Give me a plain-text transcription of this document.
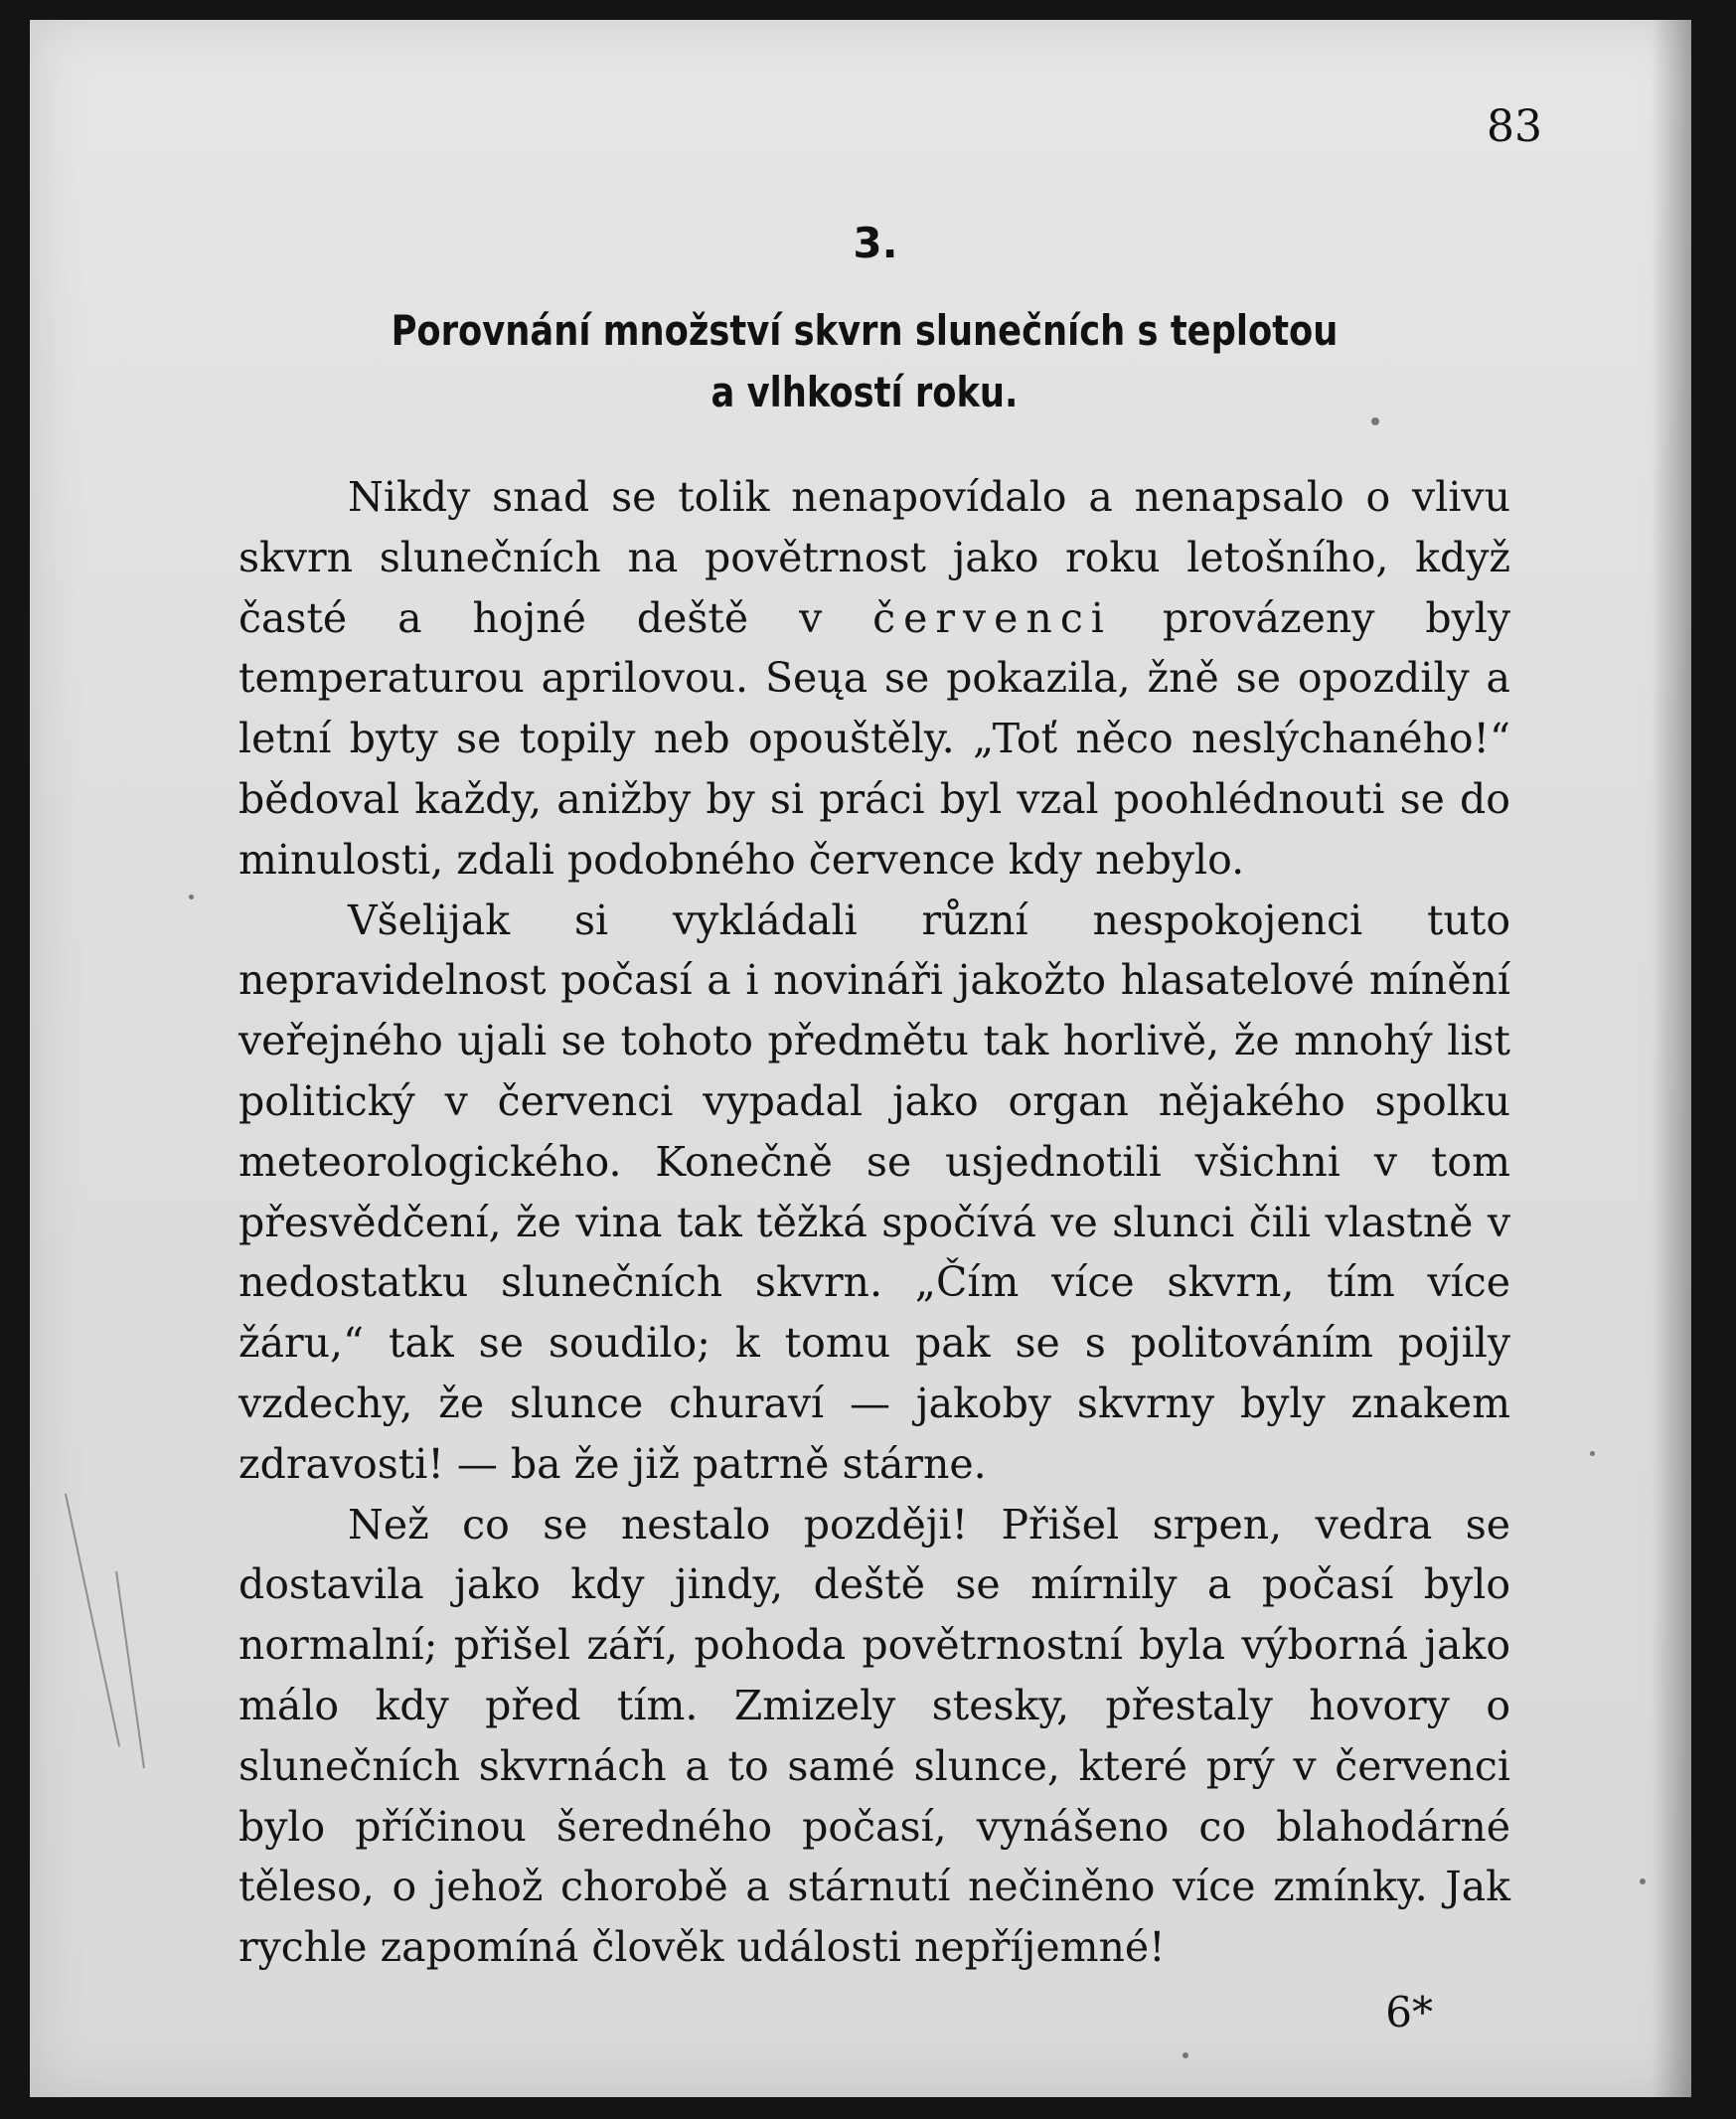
83
3.
Porovnání množství skvrn slunečních s teplotou
a vlhkostí roku.

Nikdy snad se tolik nenapovídalo a nenapsalo o vlivu skvrn slunečních na povětrnost jako roku letošního, když časté a hojné deště v červenci provázeny byly temperaturou aprilovou. Seųa se pokazila, žně se opozdily a letní byty se topily neb opouštěly. „Toť něco neslýchaného!“ bědoval každy, anižby by si práci byl vzal poohlédnouti se do minulosti, zdali podobného července kdy nebylo.

Všelijak si vykládali různí nespokojenci tuto nepravidelnost počasí a i novináři jakožto hlasatelové mínění veřejného ujali se tohoto předmětu tak horlivě, že mnohý list politický v červenci vypadal jako organ nějakého spolku meteorologického. Konečně se usjednotili všichni v tom přesvědčení, že vina tak těžká spočívá ve slunci čili vlastně v nedostatku slunečních skvrn. „Čím více skvrn, tím více žáru,“ tak se soudilo; k tomu pak se s politováním pojily vzdechy, že slunce churaví — jakoby skvrny byly znakem zdravosti! — ba že již patrně stárne.

Než co se nestalo později! Přišel srpen, vedra se dostavila jako kdy jindy, deště se mírnily a počasí bylo normalní; přišel září, pohoda povětrnostní byla výborná jako málo kdy před tím. Zmizely stesky, přestaly hovory o slunečních skvrnách a to samé slunce, které prý v červenci bylo příčinou šeredného počasí, vynášeno co blahodárné těleso, o jehož chorobě a stárnutí nečiněno více zmínky. Jak rychle zapomíná člověk události nepříjemné!

6*
